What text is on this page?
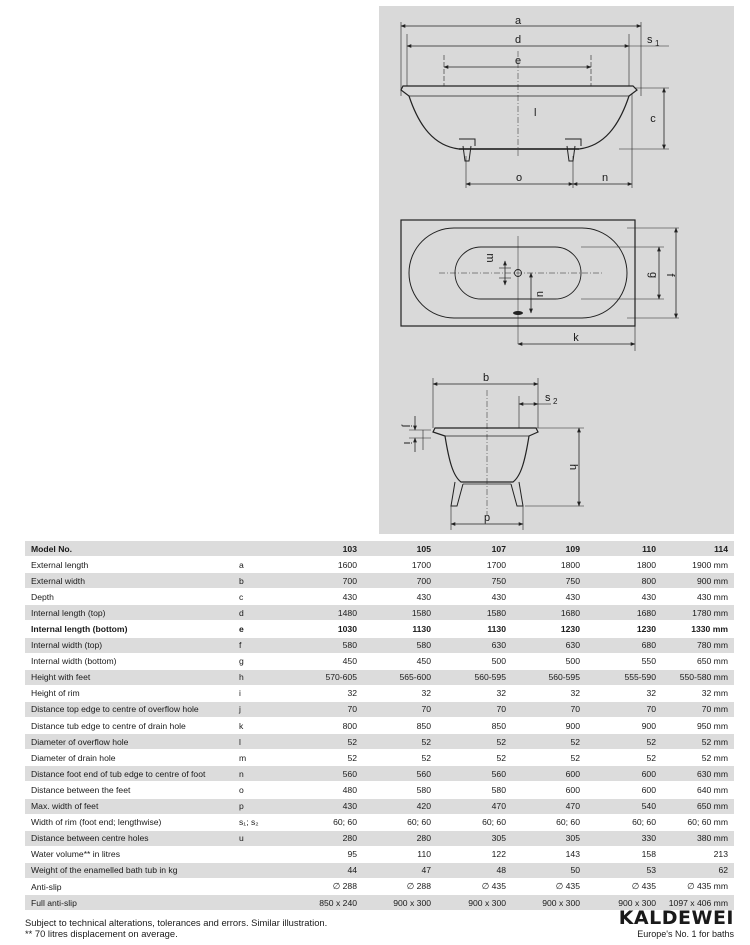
a
d	s 1
e
l	c
o	n
m
g f
u
k
b
s 2
j
i
h
p
Model No.		103	105	107	109	110	114
External length	a	1600	1700	1700	1800	1800	1900 mm
External width	b	700	700	750	750	800	900 mm
Depth	c	430	430	430	430	430	430 mm
Internal length (top)	d	1480	1580	1580	1680	1680	1780 mm
Internal length (bottom)	e	1030	1130	1130	1230	1230	1330 mm
Internal width (top)	f	580	580	630	630	680	780 mm
Internal width (bottom)	g	450	450	500	500	550	650 mm
Height with feet	h	570-605	565-600	560-595	560-595	555-590	550-580 mm
Height of rim	i	32	32	32	32	32	32 mm
Distance top edge to centre of overflow hole	j	70	70	70	70	70	70 mm
Distance tub edge to centre of drain hole	k	800	850	850	900	900	950 mm
Diameter of overflow hole	l	52	52	52	52	52	52 mm
Diameter of drain hole	m	52	52	52	52	52	52 mm
Distance foot end of tub edge to centre of foot	n	560	560	560	600	600	630 mm
Distance between the feet	o	480	580	580	600	600	640 mm
Max. width of feet	p	430	420	470	470	540	650 mm
Width of rim (foot end; lengthwise)	s₁; s₂	60; 60	60; 60	60; 60	60; 60	60; 60	60; 60 mm
Distance between centre holes	u	280	280	305	305	330	380 mm
Water volume** in litres		95	110	122	143	158	213
Weight of the enamelled bath tub in kg		44	47	48	50	53	62
Anti-slip		∅ 288	∅ 288	∅ 435	∅ 435	∅ 435	∅ 435 mm
Full anti-slip		850 x 240	900 x 300	900 x 300	900 x 300	900 x 300	1097 x 406 mm
Subject to technical alterations, tolerances and errors. Similar illustration.
** 70 litres displacement on average.
KALDEWEI
Europe's No. 1 for baths
